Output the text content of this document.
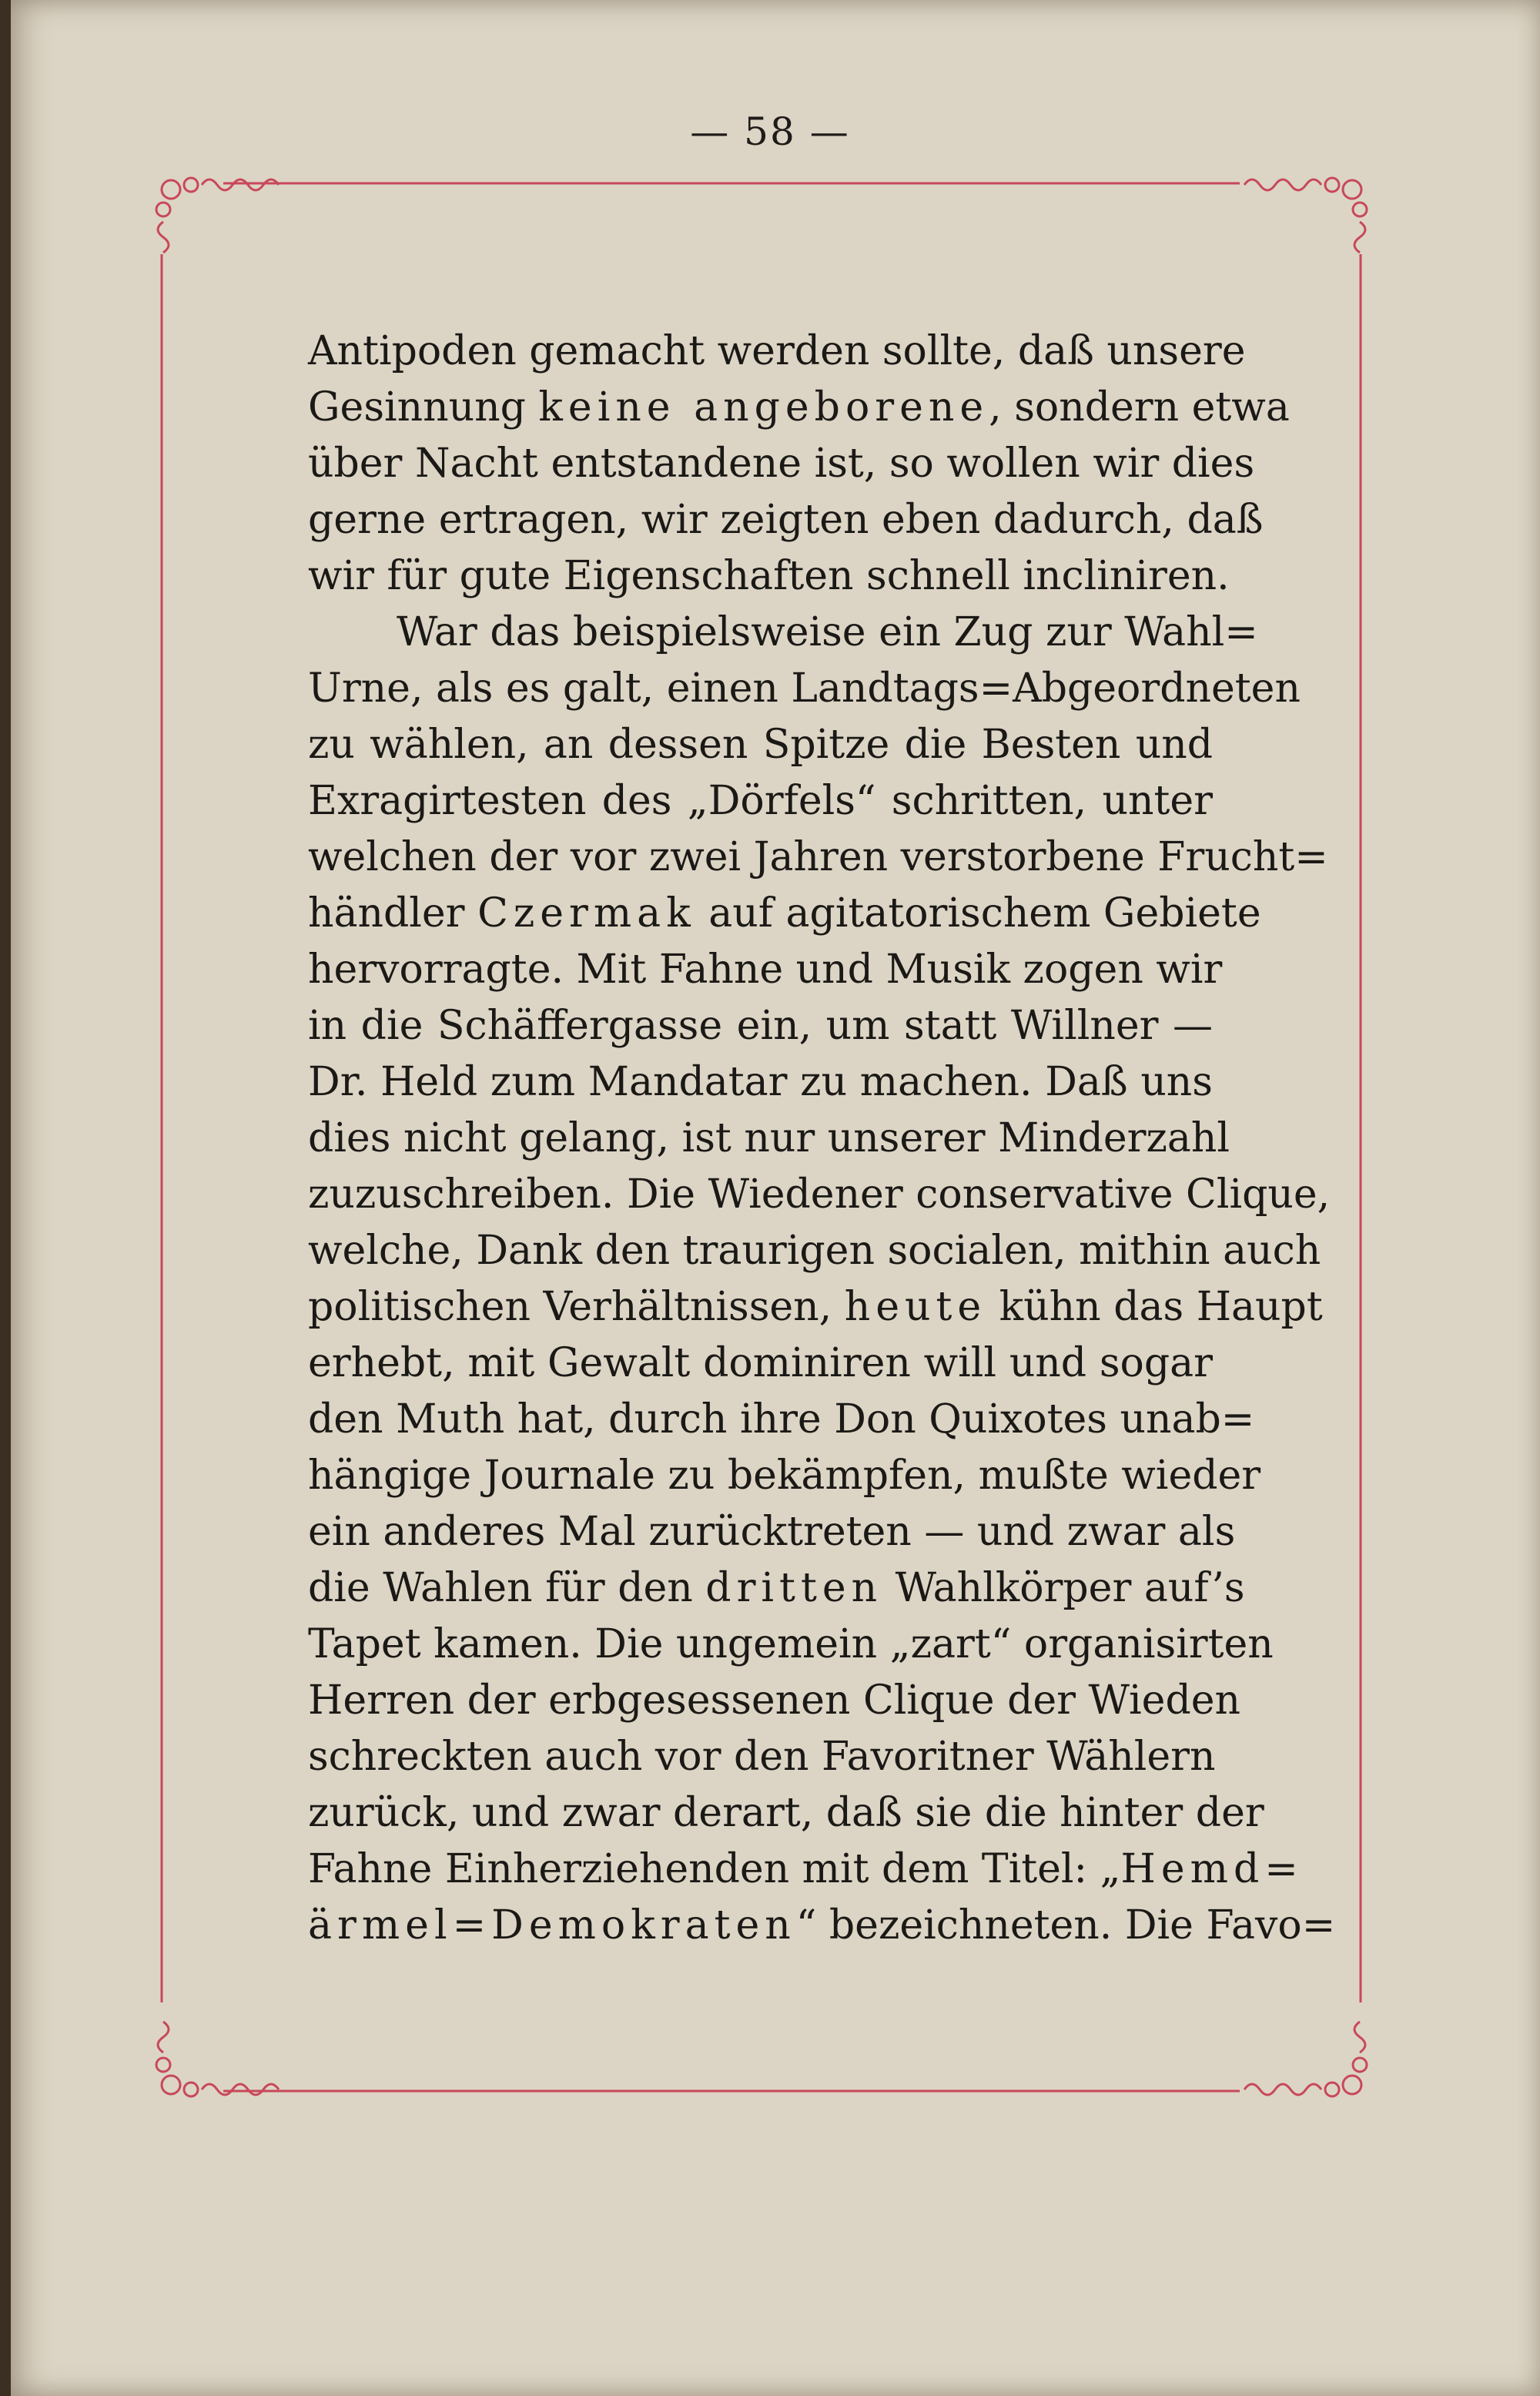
— 58 —
Antipoden gemacht werden sollte, daß unsere
Gesinnung keine angeborene, sondern etwa
über Nacht entstandene ist, so wollen wir dies
gerne ertragen, wir zeigten eben dadurch, daß
wir für gute Eigenschaften schnell incliniren.
War das beispielsweise ein Zug zur Wahl=
Urne, als es galt, einen Landtags=Abgeordneten
zu wählen, an dessen Spitze die Besten und
Exragirtesten des „Dörfels“ schritten, unter
welchen der vor zwei Jahren verstorbene Frucht=
händler Czermak auf agitatorischem Gebiete
hervorragte. Mit Fahne und Musik zogen wir
in die Schäffergasse ein, um statt Willner —
Dr. Held zum Mandatar zu machen. Daß uns
dies nicht gelang, ist nur unserer Minderzahl
zuzuschreiben. Die Wiedener conservative Clique,
welche, Dank den traurigen socialen, mithin auch
politischen Verhältnissen, heute kühn das Haupt
erhebt, mit Gewalt dominiren will und sogar
den Muth hat, durch ihre Don Quixotes unab=
hängige Journale zu bekämpfen, mußte wieder
ein anderes Mal zurücktreten — und zwar als
die Wahlen für den dritten Wahlkörper auf’s
Tapet kamen. Die ungemein „zart“ organisirten
Herren der erbgesessenen Clique der Wieden
schreckten auch vor den Favoritner Wählern
zurück, und zwar derart, daß sie die hinter der
Fahne Einherziehenden mit dem Titel: „Hemd=
ärmel=Demokraten“ bezeichneten. Die Favo=
